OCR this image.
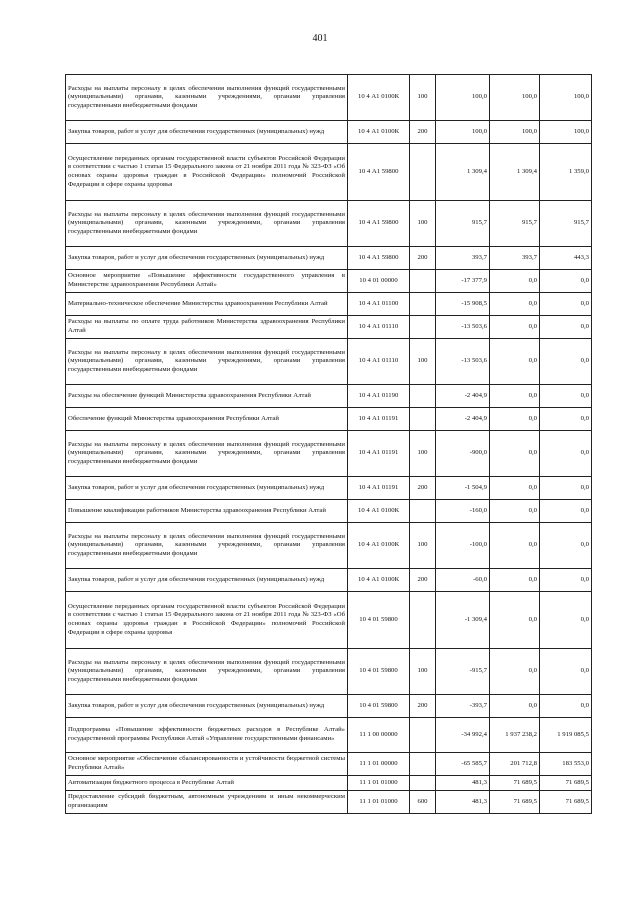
401
Расходы на выплаты персоналу в целях обеспечения выполнения функций государственными (муниципальными) органами, казенными учреждениями, органами управления государственными внебюджетными фондами	10 4 А1 0100К	100	100,0	100,0	100,0
Закупка товаров, работ и услуг для обеспечения государственных (муниципальных) нужд	10 4 А1 0100К	200	100,0	100,0	100,0
Осуществление переданных органам государственной власти субъектов Российской Федерации в соответствии с частью 1 статьи 15 Федерального закона от 21 ноября 2011 года № 323-ФЗ «Об основах охраны здоровья граждан в Российской Федерации» полномочий Российской Федерации в сфере охраны здоровья	10 4 А1 59800		1 309,4	1 309,4	1 359,0
Расходы на выплаты персоналу в целях обеспечения выполнения функций государственными (муниципальными) органами, казенными учреждениями, органами управления государственными внебюджетными фондами	10 4 А1 59800	100	915,7	915,7	915,7
Закупка товаров, работ и услуг для обеспечения государственных (муниципальных) нужд	10 4 А1 59800	200	393,7	393,7	443,3
Основное мероприятие «Повышение эффективности государственного управления в Министерстве здравоохранения Республики Алтай»	10 4 01 00000		-17 377,9	0,0	0,0
Материально-техническое обеспечение Министерства здравоохранения Республики Алтай	10 4 А1 01100		-15 908,5	0,0	0,0
Расходы на выплаты по оплате труда работников Министерства здравоохранения Республики Алтай	10 4 А1 01110		-13 503,6	0,0	0,0
Расходы на выплаты персоналу в целях обеспечения выполнения функций государственными (муниципальными) органами, казенными учреждениями, органами управления государственными внебюджетными фондами	10 4 А1 01110	100	-13 503,6	0,0	0,0
Расходы на обеспечение функций Министерства здравоохранения Республики Алтай	10 4 А1 01190		-2 404,9	0,0	0,0
Обеспечение функций Министерства здравоохранения Республики Алтай	10 4 А1 01191		-2 404,9	0,0	0,0
Расходы на выплаты персоналу в целях обеспечения выполнения функций государственными (муниципальными) органами, казенными учреждениями, органами управления государственными внебюджетными фондами	10 4 А1 01191	100	-900,0	0,0	0,0
Закупка товаров, работ и услуг для обеспечения государственных (муниципальных) нужд	10 4 А1 01191	200	-1 504,9	0,0	0,0
Повышение квалификации работников Министерства здравоохранения Республики Алтай	10 4 А1 0100К		-160,0	0,0	0,0
Расходы на выплаты персоналу в целях обеспечения выполнения функций государственными (муниципальными) органами, казенными учреждениями, органами управления государственными внебюджетными фондами	10 4 А1 0100К	100	-100,0	0,0	0,0
Закупка товаров, работ и услуг для обеспечения государственных (муниципальных) нужд	10 4 А1 0100К	200	-60,0	0,0	0,0
Осуществление переданных органам государственной власти субъектов Российской Федерации в соответствии с частью 1 статьи 15 Федерального закона от 21 ноября 2011 года № 323-ФЗ «Об основах охраны здоровья граждан в Российской Федерации» полномочий Российской Федерации в сфере охраны здоровья	10 4 01 59800		-1 309,4	0,0	0,0
Расходы на выплаты персоналу в целях обеспечения выполнения функций государственными (муниципальными) органами, казенными учреждениями, органами управления государственными внебюджетными фондами	10 4 01 59800	100	-915,7	0,0	0,0
Закупка товаров, работ и услуг для обеспечения государственных (муниципальных) нужд	10 4 01 59800	200	-393,7	0,0	0,0
Подпрограмма «Повышение эффективности бюджетных расходов в Республике Алтай» государственной программы Республики Алтай «Управление государственными финансами»	11 1 00 00000		-34 992,4	1 937 238,2	1 919 085,5
Основное мероприятие «Обеспечение сбалансированности и устойчивости бюджетной системы Республики Алтай»	11 1 01 00000		-65 585,7	201 712,8	183 553,0
Автоматизация бюджетного процесса в Республике Алтай	11 1 01 01000		481,3	71 689,5	71 689,5
Предоставление субсидий бюджетным, автономным учреждениям и иным некоммерческим организациям	11 1 01 01000	600	481,3	71 689,5	71 689,5
